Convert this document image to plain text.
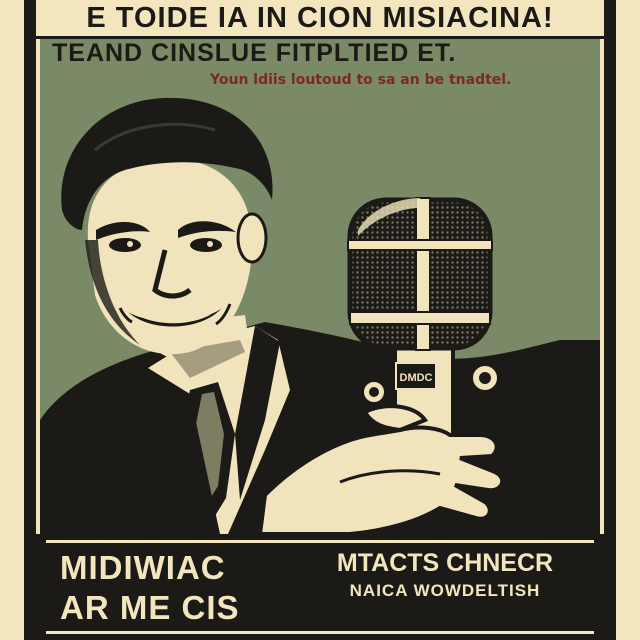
E TOIDE IA IN CION MISIACINA!
TEAND CINSLUE FITPLTIED ET.
Youn ldiis loutoud to sa an be tnadtel.
DMDC
MIDIWIAC
AR ME CIS
MTACTS CHNECR
NAICA WOWDELTISH
